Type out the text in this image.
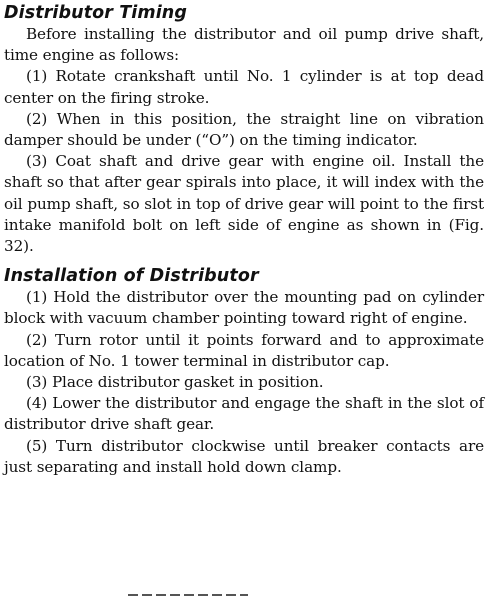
Distributor Timing

Before installing the distributor and oil pump drive shaft, time engine as follows:

(1) Rotate crankshaft until No. 1 cylinder is at top dead center on the firing stroke.

(2) When in this position, the straight line on vibration damper should be under (“O”) on the timing indicator.

(3) Coat shaft and drive gear with engine oil. Install the shaft so that after gear spirals into place, it will index with the oil pump shaft, so slot in top of drive gear will point to the first intake manifold bolt on left side of engine as shown in (Fig. 32).

Installation of Distributor

(1) Hold the distributor over the mounting pad on cylinder block with vacuum chamber pointing toward right of engine.

(2) Turn rotor until it points forward and to approximate location of No. 1 tower terminal in distributor cap.

(3) Place distributor gasket in position.

(4) Lower the distributor and engage the shaft in the slot of distributor drive shaft gear.

(5) Turn distributor clockwise until breaker contacts are just separating and install hold down clamp.
